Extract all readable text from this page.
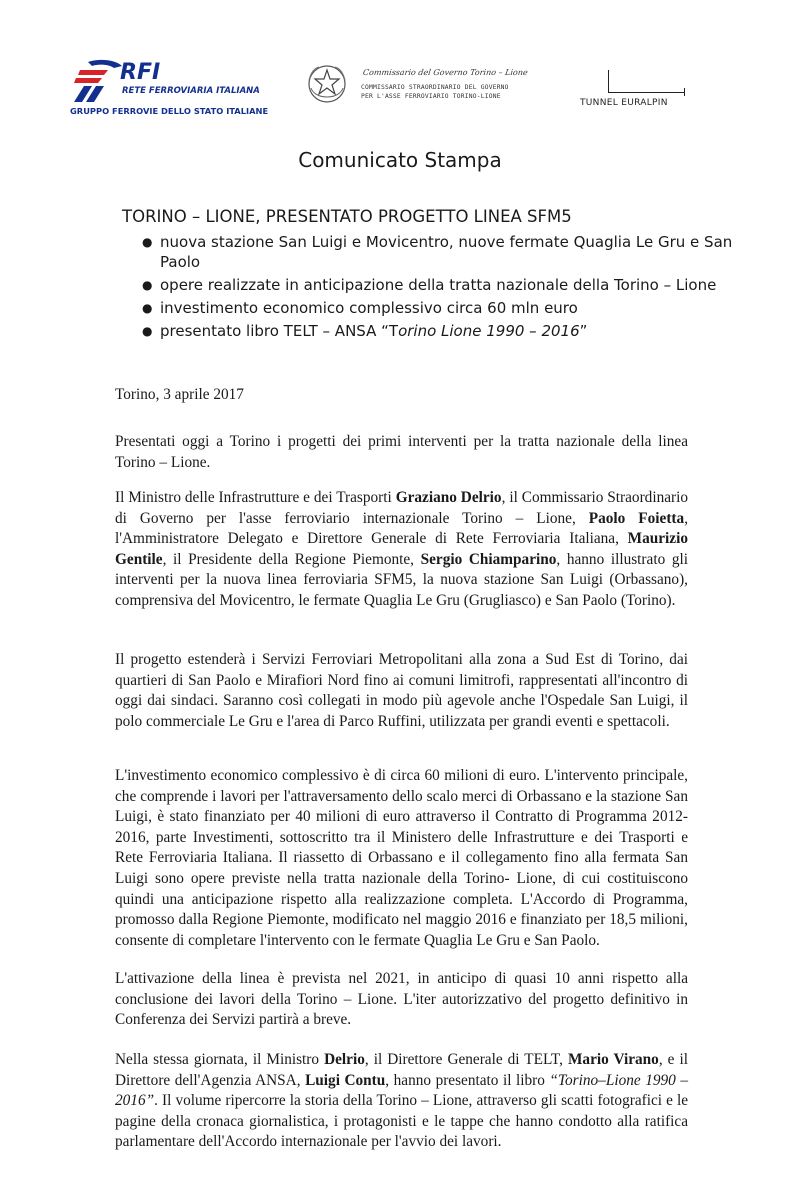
RFI
RETE FERROVIARIA ITALIANA
GRUPPO FERROVIE DELLO STATO ITALIANE
Commissario del Governo Torino – Lione
COMMISSARIO STRAORDINARIO DEL GOVERNO
PER L'ASSE FERROVIARIO TORINO-LIONE
TUNNEL EURALPIN
Comunicato Stampa
TORINO – LIONE, PRESENTATO PROGETTO LINEA SFM5
● nuova stazione San Luigi e Movicentro, nuove fermate Quaglia Le Gru e San Paolo
● opere realizzate in anticipazione della tratta nazionale della Torino – Lione
● investimento economico complessivo circa 60 mln euro
● presentato libro TELT – ANSA “Torino Lione 1990 – 2016”
Torino, 3 aprile 2017
Presentati oggi a Torino i progetti dei primi interventi per la tratta nazionale della linea Torino – Lione.
Il Ministro delle Infrastrutture e dei Trasporti Graziano Delrio, il Commissario Straordinario di Governo per l'asse ferroviario internazionale Torino – Lione, Paolo Foietta, l'Amministratore Delegato e Direttore Generale di Rete Ferroviaria Italiana, Maurizio Gentile, il Presidente della Regione Piemonte, Sergio Chiamparino, hanno illustrato gli interventi per la nuova linea ferroviaria SFM5, la nuova stazione San Luigi (Orbassano), comprensiva del Movicentro, le fermate Quaglia Le Gru (Grugliasco) e San Paolo (Torino).
Il progetto estenderà i Servizi Ferroviari Metropolitani alla zona a Sud Est di Torino, dai quartieri di San Paolo e Mirafiori Nord fino ai comuni limitrofi, rappresentati all'incontro di oggi dai sindaci. Saranno così collegati in modo più agevole anche l'Ospedale San Luigi, il polo commerciale Le Gru e l'area di Parco Ruffini, utilizzata per grandi eventi e spettacoli.
L'investimento economico complessivo è di circa 60 milioni di euro. L'intervento principale, che comprende i lavori per l'attraversamento dello scalo merci di Orbassano e la stazione San Luigi, è stato finanziato per 40 milioni di euro attraverso il Contratto di Programma 2012-2016, parte Investimenti, sottoscritto tra il Ministero delle Infrastrutture e dei Trasporti e Rete Ferroviaria Italiana. Il riassetto di Orbassano e il collegamento fino alla fermata San Luigi sono opere previste nella tratta nazionale della Torino- Lione, di cui costituiscono quindi una anticipazione rispetto alla realizzazione completa. L'Accordo di Programma, promosso dalla Regione Piemonte, modificato nel maggio 2016 e finanziato per 18,5 milioni, consente di completare l'intervento con le fermate Quaglia Le Gru e San Paolo.
L'attivazione della linea è prevista nel 2021, in anticipo di quasi 10 anni rispetto alla conclusione dei lavori della Torino – Lione. L'iter autorizzativo del progetto definitivo in Conferenza dei Servizi partirà a breve.
Nella stessa giornata, il Ministro Delrio, il Direttore Generale di TELT, Mario Virano, e il Direttore dell'Agenzia ANSA, Luigi Contu, hanno presentato il libro “Torino–Lione 1990 – 2016”. Il volume ripercorre la storia della Torino – Lione, attraverso gli scatti fotografici e le pagine della cronaca giornalistica, i protagonisti e le tappe che hanno condotto alla ratifica parlamentare dell'Accordo internazionale per l'avvio dei lavori.
